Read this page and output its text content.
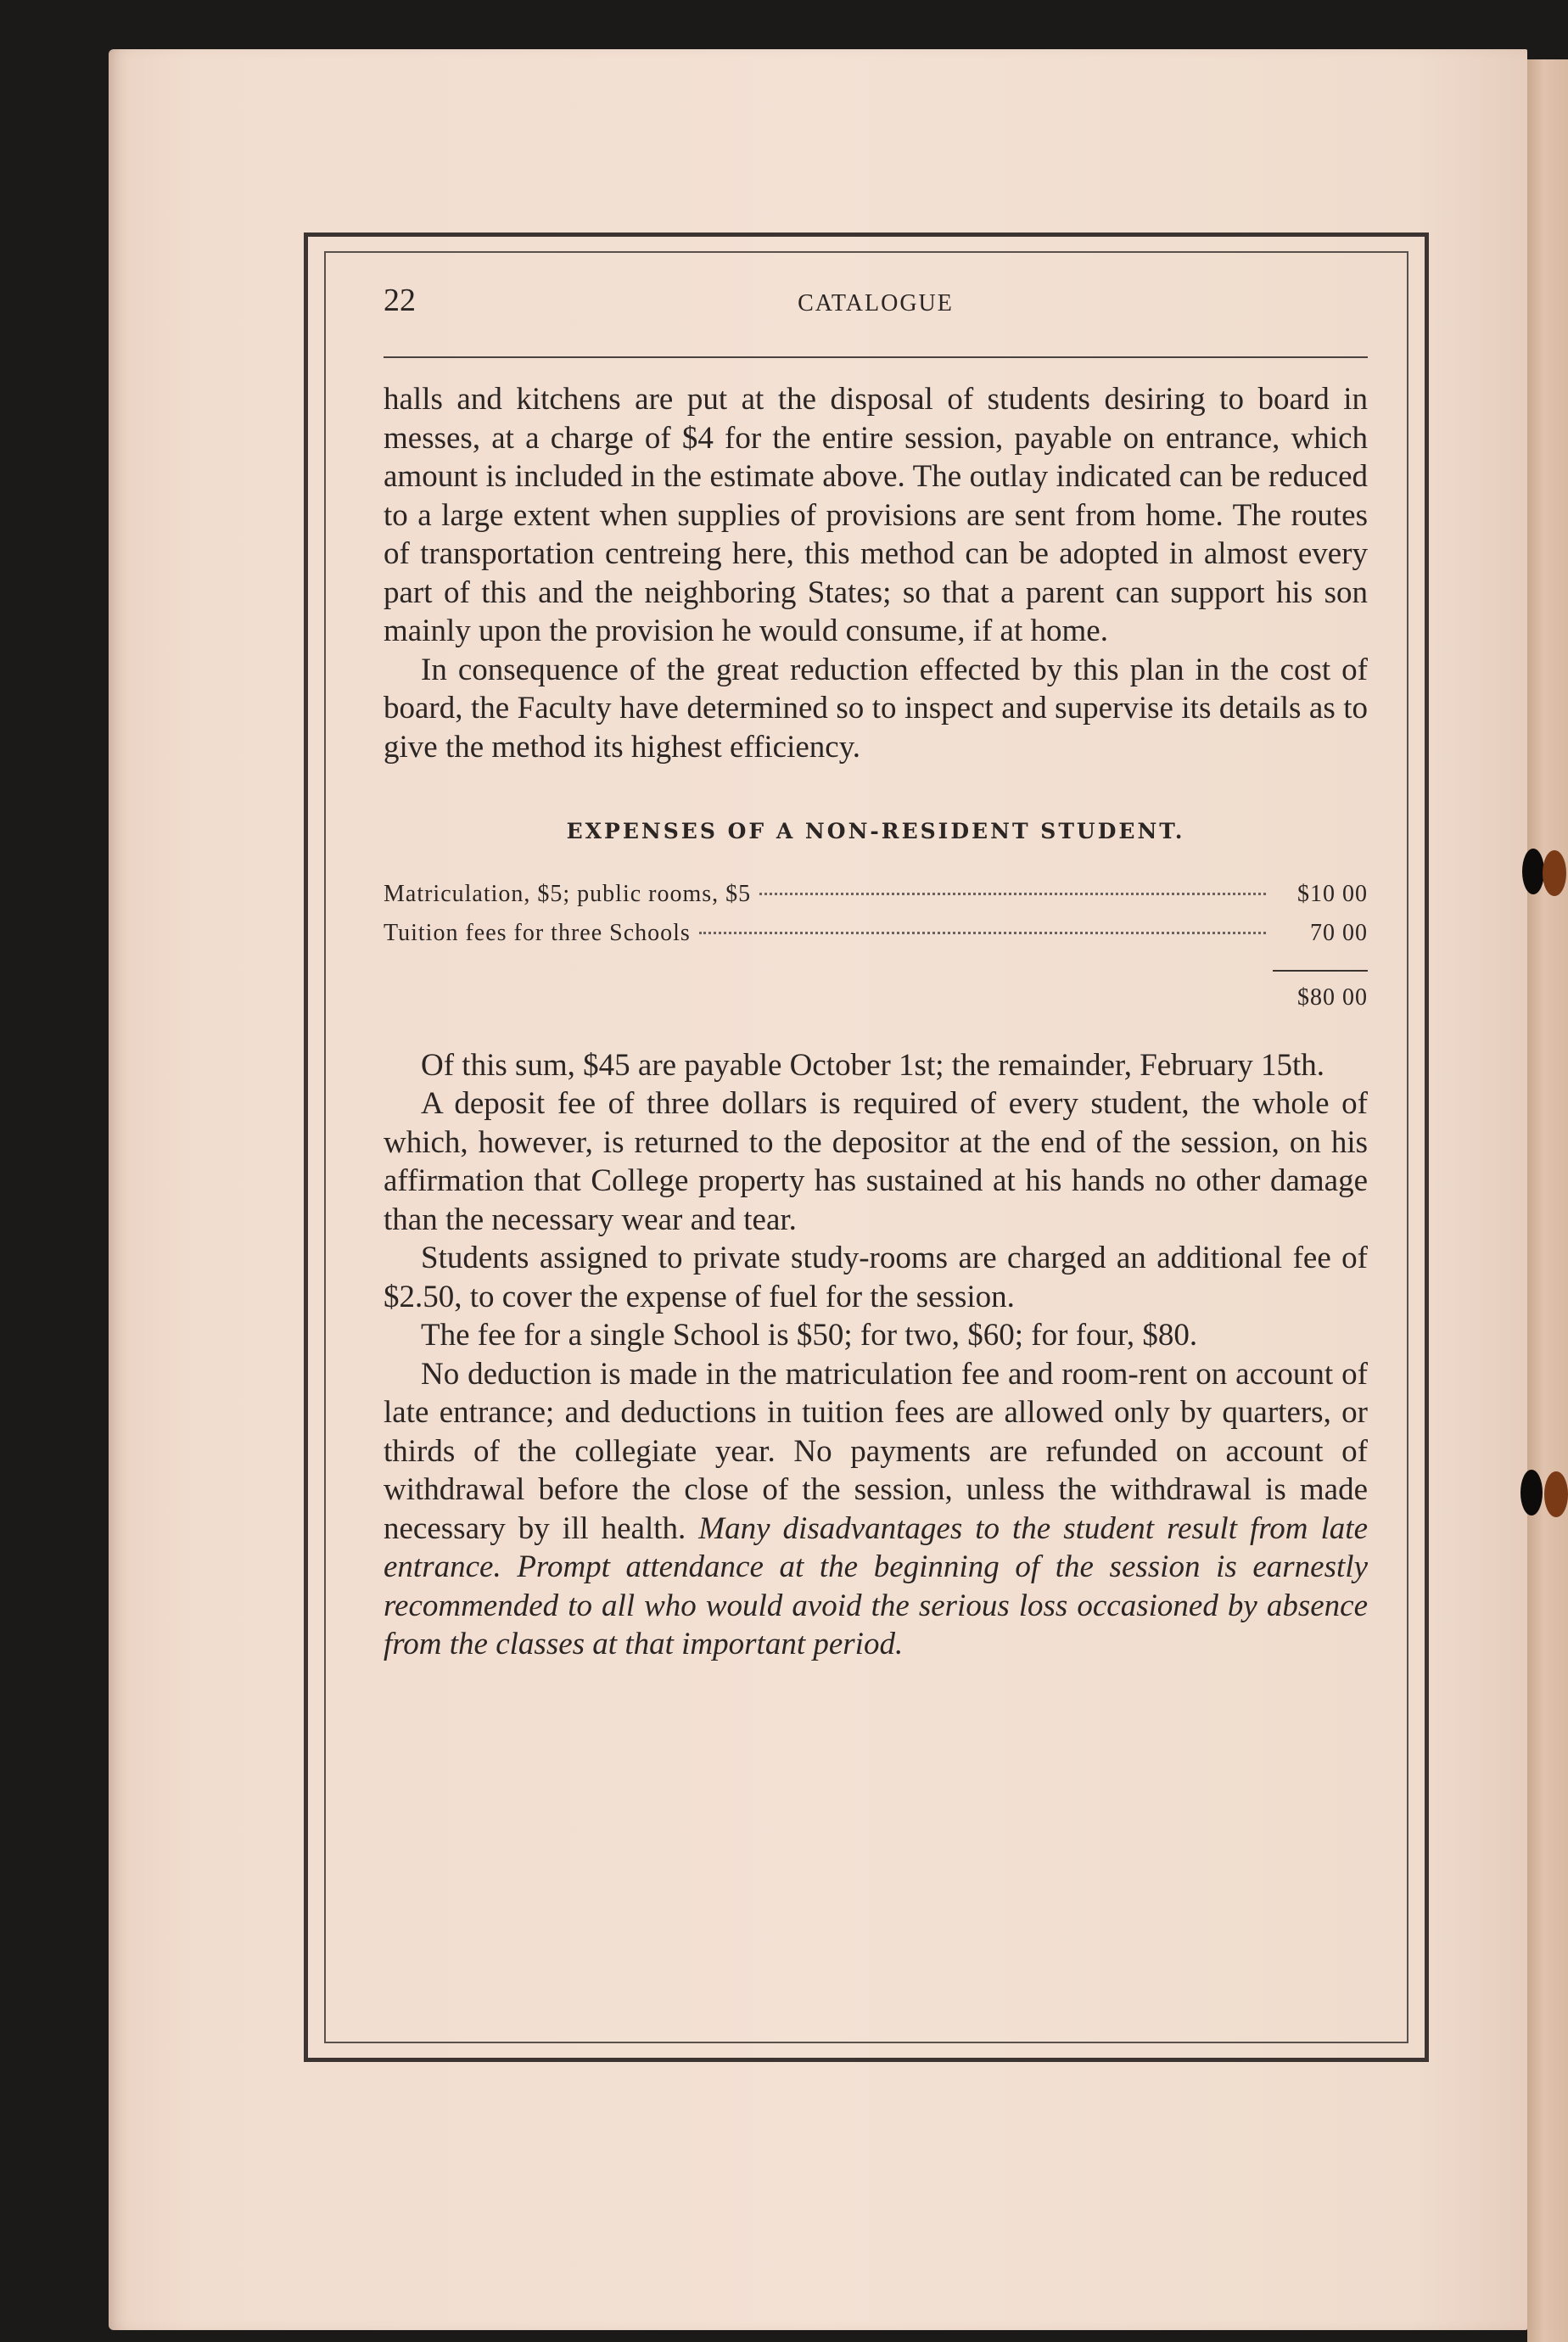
22	CATALOGUE

halls and kitchens are put at the disposal of students desiring to board in messes, at a charge of $4 for the entire session, payable on entrance, which amount is included in the estimate above. The outlay indicated can be reduced to a large extent when supplies of provisions are sent from home. The routes of transportation centreing here, this method can be adopted in almost every part of this and the neighboring States; so that a parent can support his son mainly upon the provision he would consume, if at home.

In consequence of the great reduction effected by this plan in the cost of board, the Faculty have determined so to inspect and supervise its details as to give the method its highest efficiency.

EXPENSES OF A NON-RESIDENT STUDENT.
Matriculation, $5; public rooms, $5	$10 00
Tuition fees for three Schools	70 00
$80 00

Of this sum, $45 are payable October 1st; the remainder, February 15th.

A deposit fee of three dollars is required of every student, the whole of which, however, is returned to the depositor at the end of the session, on his affirmation that College property has sustained at his hands no other damage than the necessary wear and tear.

Students assigned to private study-rooms are charged an additional fee of $2.50, to cover the expense of fuel for the session.

The fee for a single School is $50; for two, $60; for four, $80.

No deduction is made in the matriculation fee and room-rent on account of late entrance; and deductions in tuition fees are allowed only by quarters, or thirds of the collegiate year. No payments are refunded on account of withdrawal before the close of the session, unless the withdrawal is made necessary by ill health. Many disadvantages to the student result from late entrance. Prompt attendance at the beginning of the session is earnestly recommended to all who would avoid the serious loss occasioned by absence from the classes at that important period.
